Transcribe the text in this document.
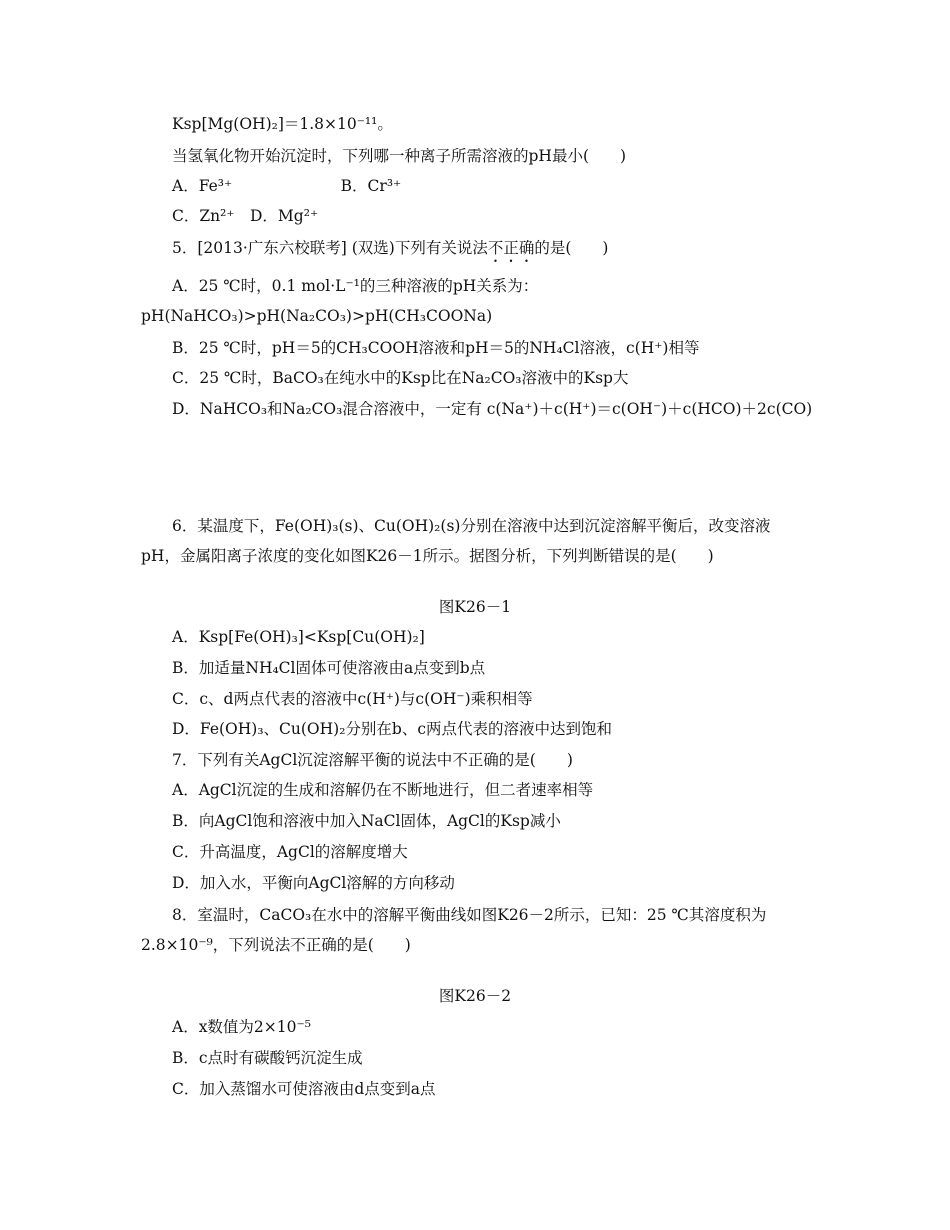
Ksp[Mg(OH)₂]＝1.8×10⁻¹¹。
当氢氧化物开始沉淀时，下列哪一种离子所需溶液的pH最小(　　)
A．Fe³⁺　　　　　　　B．Cr³⁺
C．Zn²⁺　D．Mg²⁺
5．[2013·广东六校联考] (双选)下列有关说法不正确的是(　　)
A．25 ℃时，0.1 mol·L⁻¹的三种溶液的pH关系为：
pH(NaHCO₃)>pH(Na₂CO₃)>pH(CH₃COONa)
B．25 ℃时，pH＝5的CH₃COOH溶液和pH＝5的NH₄Cl溶液，c(H⁺)相等
C．25 ℃时，BaCO₃在纯水中的Ksp比在Na₂CO₃溶液中的Ksp大
D．NaHCO₃和Na₂CO₃混合溶液中，一定有 c(Na⁺)＋c(H⁺)＝c(OH⁻)＋c(HCO)＋2c(CO)
6．某温度下，Fe(OH)₃(s)、Cu(OH)₂(s)分别在溶液中达到沉淀溶解平衡后，改变溶液
pH，金属阳离子浓度的变化如图K26－1所示。据图分析，下列判断错误的是(　　)
图K26－1
A．Ksp[Fe(OH)₃]<Ksp[Cu(OH)₂]
B．加适量NH₄Cl固体可使溶液由a点变到b点
C．c、d两点代表的溶液中c(H⁺)与c(OH⁻)乘积相等
D．Fe(OH)₃、Cu(OH)₂分别在b、c两点代表的溶液中达到饱和
7．下列有关AgCl沉淀溶解平衡的说法中不正确的是(　　)
A．AgCl沉淀的生成和溶解仍在不断地进行，但二者速率相等
B．向AgCl饱和溶液中加入NaCl固体，AgCl的Ksp减小
C．升高温度，AgCl的溶解度增大
D．加入水，平衡向AgCl溶解的方向移动
8．室温时，CaCO₃在水中的溶解平衡曲线如图K26－2所示，已知：25 ℃其溶度积为
2.8×10⁻⁹，下列说法不正确的是(　　)
图K26－2
A．x数值为2×10⁻⁵
B．c点时有碳酸钙沉淀生成
C．加入蒸馏水可使溶液由d点变到a点
